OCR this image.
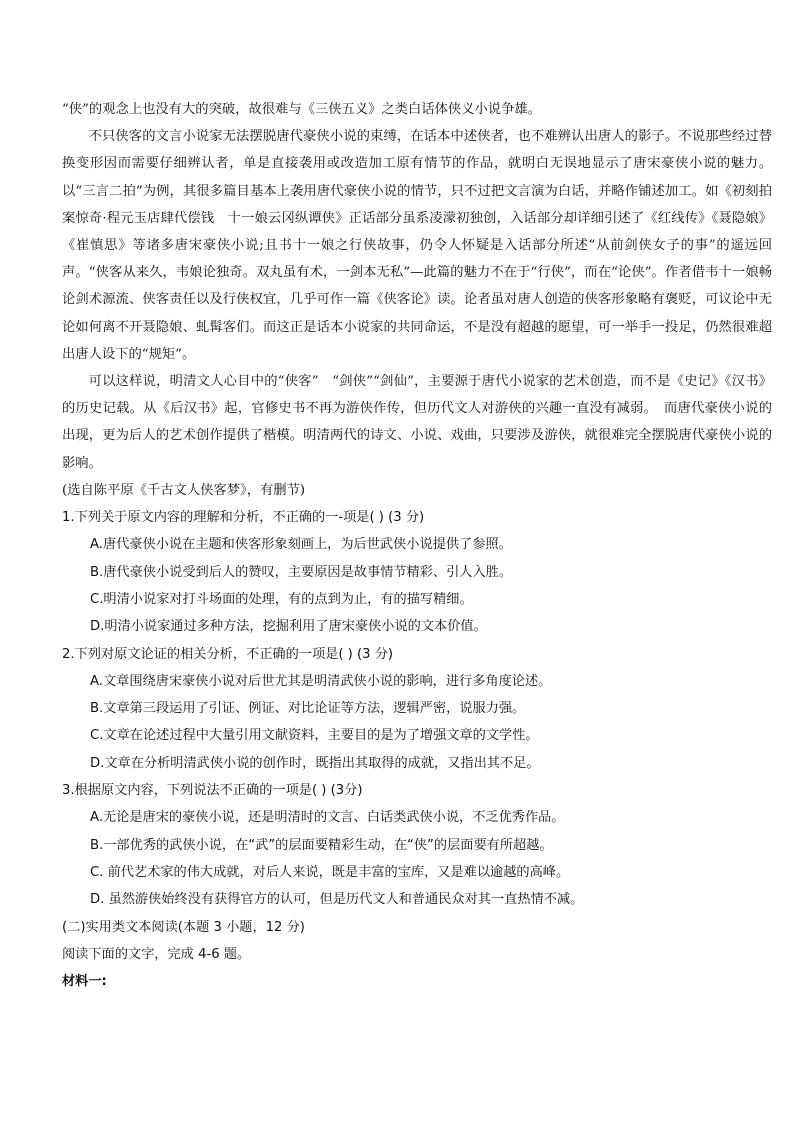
“侠”的观念上也没有大的突破，故很难与《三侠五义》之类白话体侠义小说争雄。

不只侠客的文言小说家无法摆脱唐代豪侠小说的束缚，在话本中述侠者，也不难辨认出唐人的影子。不说那些经过替换变形因而需要仔细辨认者，单是直接袭用或改造加工原有情节的作品，就明白无误地显示了唐宋豪侠小说的魅力。以“三言二拍”为例，其很多篇目基本上袭用唐代豪侠小说的情节，只不过把文言演为白话，并略作铺述加工。如《初刻拍案惊奇·程元玉店肆代偿钱　十一娘云冈纵谭侠》正话部分虽系凌濛初独创，入话部分却详细引述了《红线传》《聂隐娘》《崔慎思》等诸多唐宋豪侠小说;且书十一娘之行侠故事，仍令人怀疑是入话部分所述“从前剑侠女子的事”的遥远回声。“侠客从来久，韦娘论独奇。双丸虽有术，一剑本无私”—此篇的魅力不在于“行侠”，而在“论侠”。作者借韦十一娘畅论剑术源流、侠客责任以及行侠权宜，几乎可作一篇《侠客论》读。论者虽对唐人创造的侠客形象略有褒贬，可议论中无论如何离不开聂隐娘、虬髯客们。而这正是话本小说家的共同命运，不是没有超越的愿望，可一举手一投足，仍然很难超出唐人设下的“规矩”。

可以这样说，明清文人心目中的“侠客”　“剑侠”“剑仙”，主要源于唐代小说家的艺术创造，而不是《史记》《汉书》的历史记载。从《后汉书》起，官修史书不再为游侠作传，但历代文人对游侠的兴趣一直没有减弱。　而唐代豪侠小说的出现，更为后人的艺术创作提供了楷模。明清两代的诗文、小说、戏曲，只要涉及游侠，就很难完全摆脱唐代豪侠小说的影响。

(选自陈平原《千古文人侠客梦》，有删节)

1.下列关于原文内容的理解和分析，不正确的一-项是( ) (3 分)

A.唐代豪侠小说在主题和侠客形象刻画上，为后世武侠小说提供了参照。

B.唐代豪侠小说受到后人的赞叹，主要原因是故事情节精彩、引人入胜。

C.明清小说家对打斗场面的处理，有的点到为止，有的描写精细。

D.明清小说家通过多种方法，挖掘利用了唐宋豪侠小说的文本价值。

2.下列对原文论证的相关分析，不正确的一项是( ) (3 分)

A.文章围绕唐宋豪侠小说对后世尤其是明清武侠小说的影响，进行多角度论述。

B.文章第三段运用了引证、例证、对比论证等方法，逻辑严密，说服力强。

C.文章在论述过程中大量引用文献资料，主要目的是为了增强文章的文学性。

D.文章在分析明清武侠小说的创作时，既指出其取得的成就，又指出其不足。

3.根据原文内容，下列说法不正确的一项是( ) (3分)

A.无论是唐宋的豪侠小说，还是明清时的文言、白话类武侠小说，不乏优秀作品。

B.一部优秀的武侠小说，在“武”的层面要精彩生动，在“侠”的层面要有所超越。

C. 前代艺术家的伟大成就，对后人来说，既是丰富的宝库，又是难以逾越的高峰。

D. 虽然游侠始终没有获得官方的认可，但是历代文人和普通民众对其一直热情不减。

(二)实用类文本阅读(本题 3 小题，12 分)

阅读下面的文字，完成 4-6 题。

材料一:
